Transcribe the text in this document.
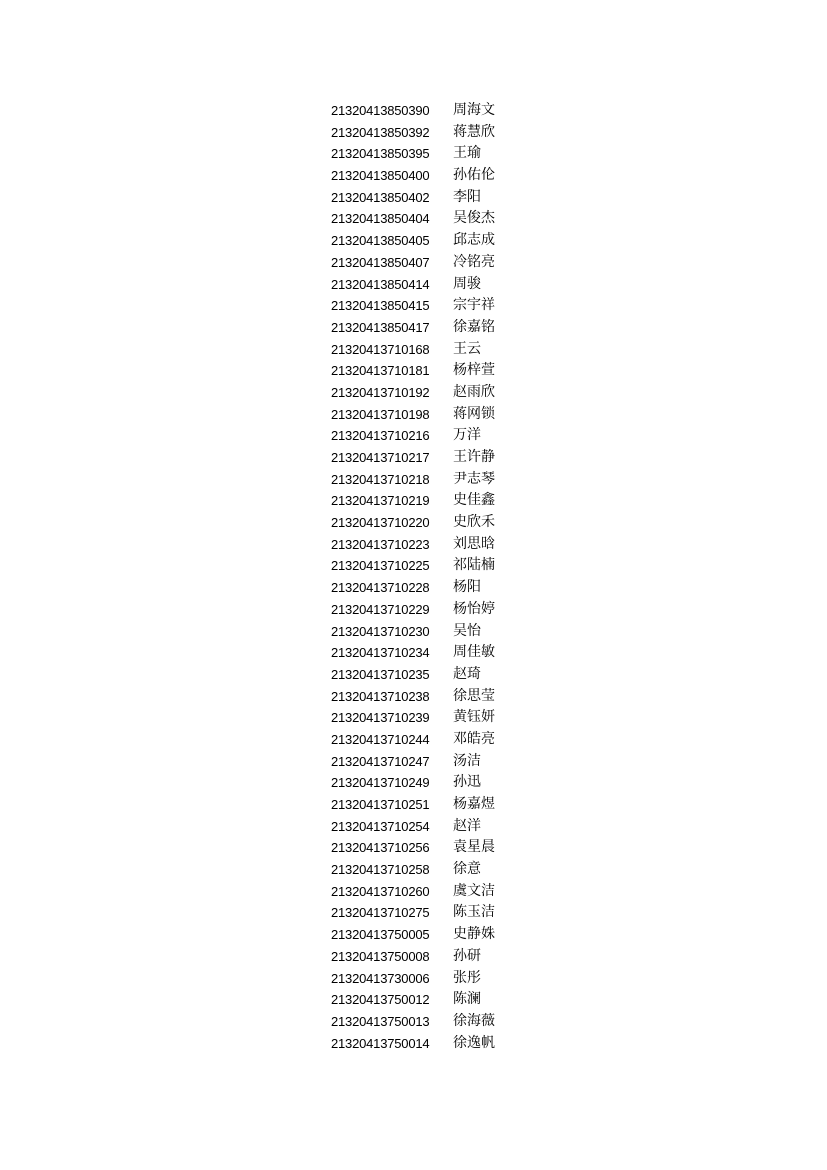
21320413850390	周海文
21320413850392	蒋慧欣
21320413850395	王瑜
21320413850400	孙佑伦
21320413850402	李阳
21320413850404	吴俊杰
21320413850405	邱志成
21320413850407	冷铭亮
21320413850414	周骏
21320413850415	宗宇祥
21320413850417	徐嘉铭
21320413710168	王云
21320413710181	杨梓萱
21320413710192	赵雨欣
21320413710198	蒋网锁
21320413710216	万洋
21320413710217	王许静
21320413710218	尹志琴
21320413710219	史佳鑫
21320413710220	史欣禾
21320413710223	刘思晗
21320413710225	祁陆楠
21320413710228	杨阳
21320413710229	杨怡婷
21320413710230	吴怡
21320413710234	周佳敏
21320413710235	赵琦
21320413710238	徐思莹
21320413710239	黄钰妍
21320413710244	邓皓亮
21320413710247	汤洁
21320413710249	孙迅
21320413710251	杨嘉煜
21320413710254	赵洋
21320413710256	袁星晨
21320413710258	徐意
21320413710260	虞文洁
21320413710275	陈玉洁
21320413750005	史静姝
21320413750008	孙研
21320413730006	张彤
21320413750012	陈澜
21320413750013	徐海薇
21320413750014	徐逸帆
